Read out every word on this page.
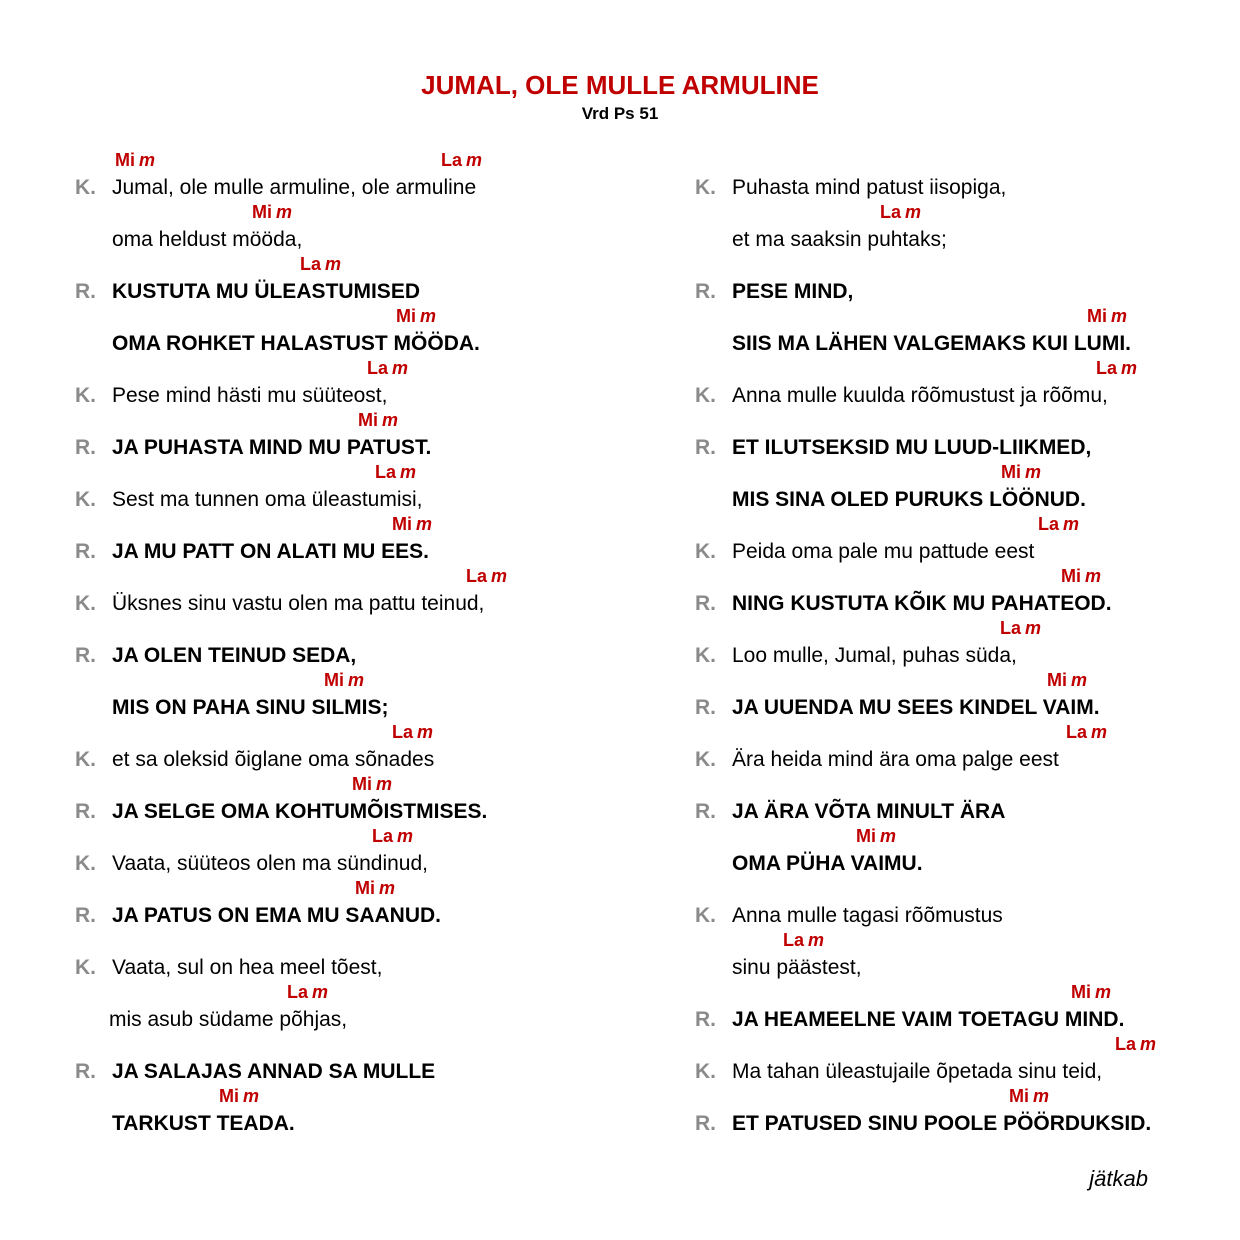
JUMAL, OLE MULLE ARMULINE
Vrd Ps 51
Mi m	La m
K. Jumal, ole mulle armuline, ole armuline
Mi m
oma heldust mööda,
La m
R. KUSTUTA MU ÜLEASTUMISED
Mi m
OMA ROHKET HALASTUST MÖÖDA.
La m
K. Pese mind hästi mu süüteost,
Mi m
R. JA PUHASTA MIND MU PATUST.
La m
K. Sest ma tunnen oma üleastumisi,
Mi m
R. JA MU PATT ON ALATI MU EES.
La m
K. Üksnes sinu vastu olen ma pattu teinud,
R. JA OLEN TEINUD SEDA,
Mi m
MIS ON PAHA SINU SILMIS;
La m
K. et sa oleksid õiglane oma sõnades
Mi m
R. JA SELGE OMA KOHTUMÕISTMISES.
La m
K. Vaata, süüteos olen ma sündinud,
Mi m
R. JA PATUS ON EMA MU SAANUD.
K. Vaata, sul on hea meel tõest,
La m
mis asub südame põhjas,
R. JA SALAJAS ANNAD SA MULLE
Mi m
TARKUST TEADA.
K. Puhasta mind patust iisopiga,
La m
et ma saaksin puhtaks;
R. PESE MIND,
Mi m
SIIS MA LÄHEN VALGEMAKS KUI LUMI.
La m
K. Anna mulle kuulda rõõmustust ja rõõmu,
R. ET ILUTSEKSID MU LUUD-LIIKMED,
Mi m
MIS SINA OLED PURUKS LÖÖNUD.
La m
K. Peida oma pale mu pattude eest
Mi m
R. NING KUSTUTA KÕIK MU PAHATEOD.
La m
K. Loo mulle, Jumal, puhas süda,
Mi m
R. JA UUENDA MU SEES KINDEL VAIM.
La m
K. Ära heida mind ära oma palge eest
R. JA ÄRA VÕTA MINULT ÄRA
Mi m
OMA PÜHA VAIMU.
K. Anna mulle tagasi rõõmustus
La m
sinu päästest,
Mi m
R. JA HEAMEELNE VAIM TOETAGU MIND.
La m
K. Ma tahan üleastujaile õpetada sinu teid,
Mi m
R. ET PATUSED SINU POOLE PÖÖRDUKSID.
jätkab
